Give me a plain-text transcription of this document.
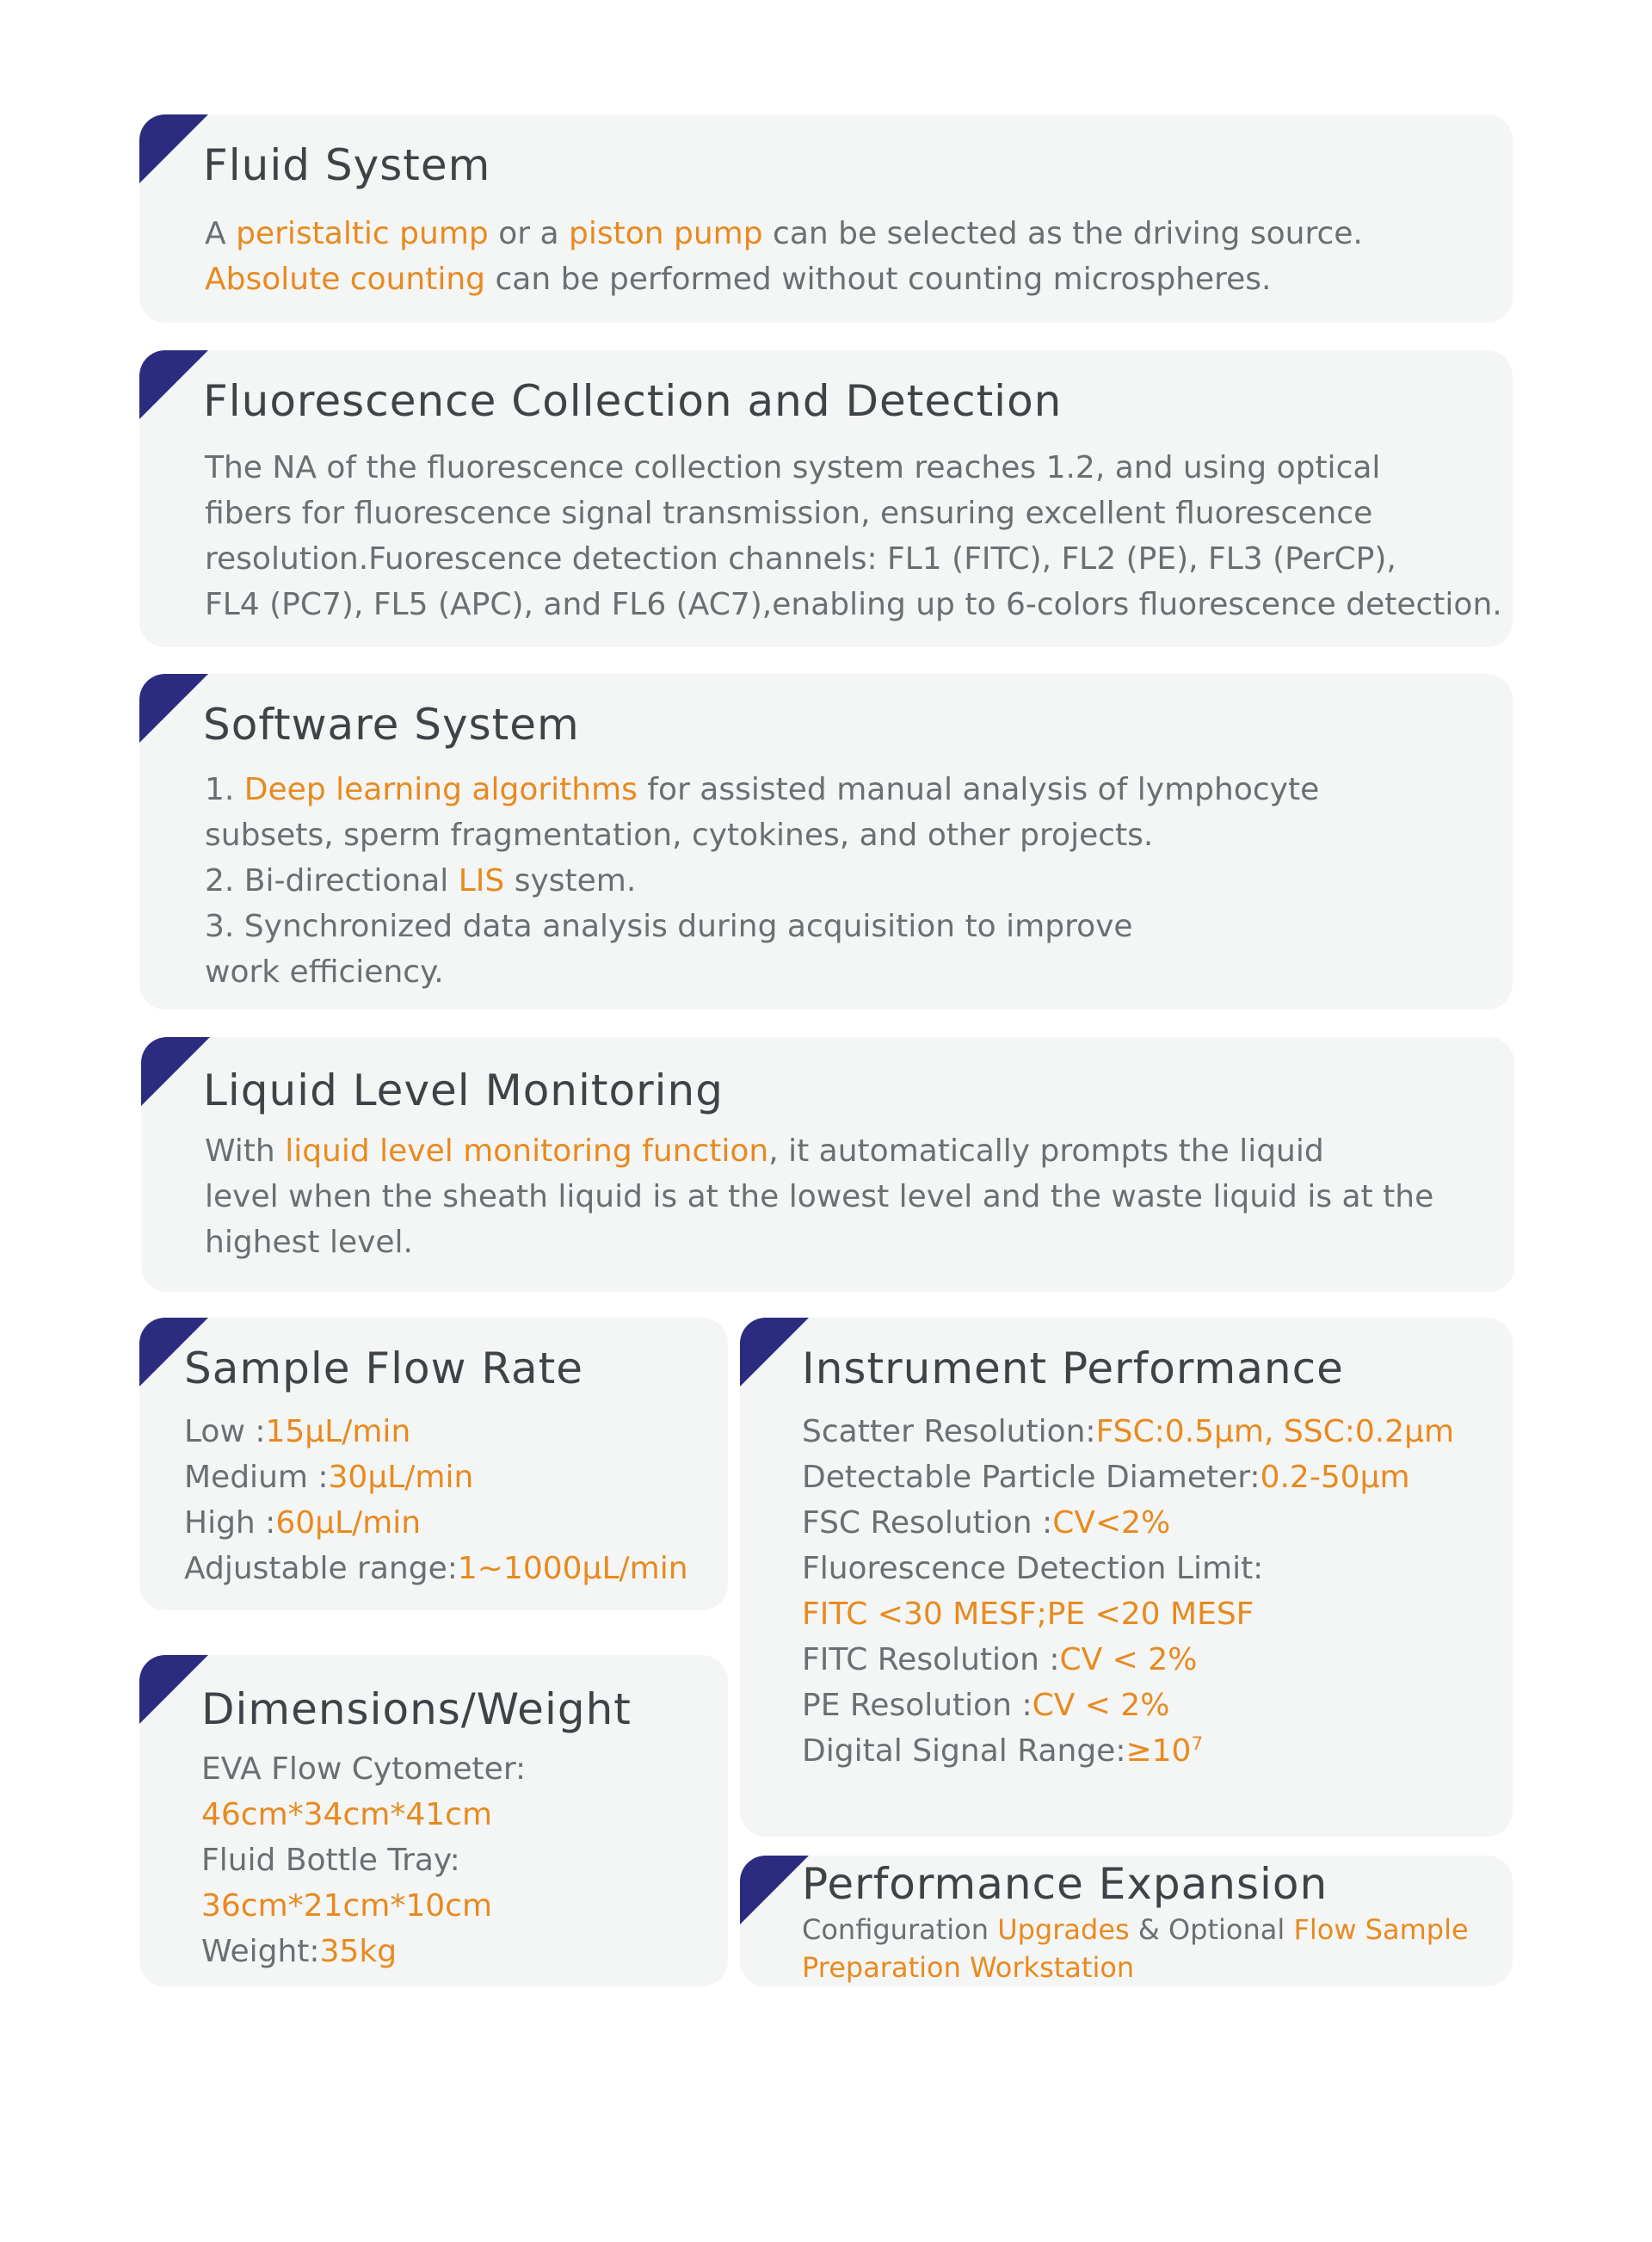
Fluid System
A peristaltic pump or a piston pump can be selected as the driving source.
Absolute counting can be performed without counting microspheres.
Fluorescence Collection and Detection
The NA of the fluorescence collection system reaches 1.2, and using optical
fibers for fluorescence signal transmission, ensuring excellent fluorescence
resolution.Fuorescence detection channels: FL1 (FITC), FL2 (PE), FL3 (PerCP),
FL4 (PC7), FL5 (APC), and FL6 (AC7),enabling up to 6-colors fluorescence detection.
Software System
1. Deep learning algorithms for assisted manual analysis of lymphocyte
subsets, sperm fragmentation, cytokines, and other projects.
2. Bi-directional LIS system.
3. Synchronized data analysis during acquisition to improve
work efficiency.
Liquid Level Monitoring
With liquid level monitoring function, it automatically prompts the liquid
level when the sheath liquid is at the lowest level and the waste liquid is at the
highest level.
Sample Flow Rate
Low :15μL/min
Medium :30μL/min
High :60μL/min
Adjustable range:1~1000μL/min
Instrument Performance
Scatter Resolution:FSC:0.5μm, SSC:0.2μm
Detectable Particle Diameter:0.2-50μm
FSC Resolution :CV<2%
Fluorescence Detection Limit:
FITC <30 MESF;PE <20 MESF
FITC Resolution :CV < 2%
PE Resolution :CV < 2%
Digital Signal $Range:\ge 10^7$
Dimensions/Weight
EVA Flow Cytometer:
46cm*34cm*41cm
Fluid Bottle Tray:
36cm*21cm*10cm
Weight:35kg
Performance Expansion
Configuration Upgrades & Optional Flow Sample
Preparation Workstation
